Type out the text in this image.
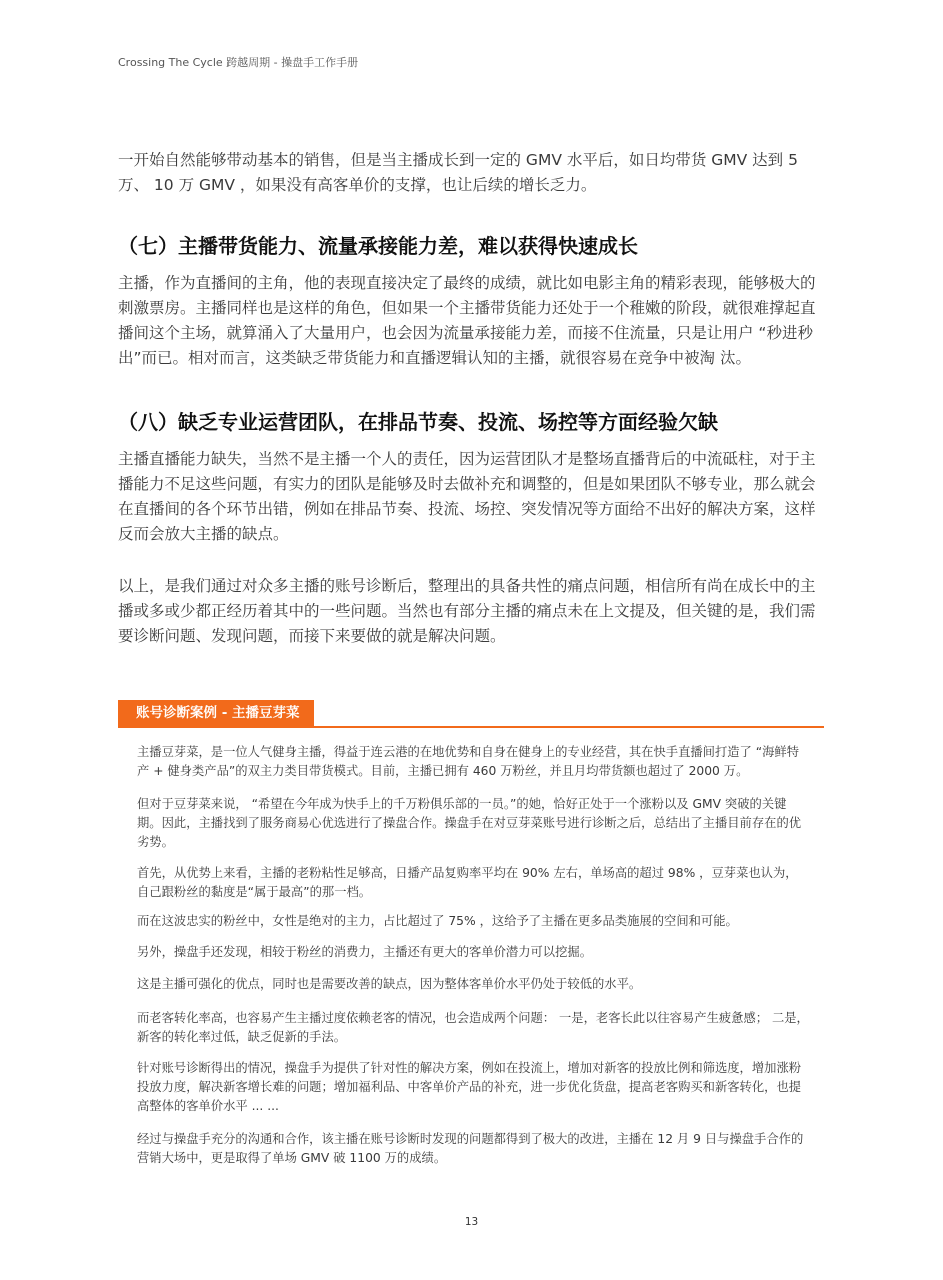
Crossing The Cycle 跨越周期 - 操盘手工作手册

一开始自然能够带动基本的销售，但是当主播成长到一定的 GMV 水平后，如日均带货 GMV 达到 5 万、 10 万 GMV ，如果没有高客单价的支撑，也让后续的增长乏力。

（七）主播带货能力、流量承接能力差，难以获得快速成长

主播，作为直播间的主角，他的表现直接决定了最终的成绩，就比如电影主角的精彩表现，能够极大的刺激票房。主播同样也是这样的角色，但如果一个主播带货能力还处于一个稚嫩的阶段，就很难撑起直播间这个主场，就算涌入了大量用户，也会因为流量承接能力差，而接不住流量，只是让用户 “秒进秒出”而已。相对而言，这类缺乏带货能力和直播逻辑认知的主播，就很容易在竞争中被淘 汰。

（八）缺乏专业运营团队，在排品节奏、投流、场控等方面经验欠缺

主播直播能力缺失，当然不是主播一个人的责任，因为运营团队才是整场直播背后的中流砥柱，对于主播能力不足这些问题，有实力的团队是能够及时去做补充和调整的，但是如果团队不够专业，那么就会在直播间的各个环节出错，例如在排品节奏、投流、场控、突发情况等方面给不出好的解决方案，这样反而会放大主播的缺点。

以上，是我们通过对众多主播的账号诊断后，整理出的具备共性的痛点问题，相信所有尚在成长中的主播或多或少都正经历着其中的一些问题。当然也有部分主播的痛点未在上文提及，但关键的是，我们需要诊断问题、发现问题，而接下来要做的就是解决问题。

账号诊断案例 - 主播豆芽菜

主播豆芽菜，是一位人气健身主播，得益于连云港的在地优势和自身在健身上的专业经营，其在快手直播间打造了 “海鲜特产 + 健身类产品”的双主力类目带货模式。目前，主播已拥有 460 万粉丝，并且月均带货额也超过了 2000 万。

但对于豆芽菜来说， “希望在今年成为快手上的千万粉俱乐部的一员。”的她，恰好正处于一个涨粉以及 GMV 突破的关键期。因此，主播找到了服务商易心优选进行了操盘合作。操盘手在对豆芽菜账号进行诊断之后，总结出了主播目前存在的优劣势。

首先，从优势上来看，主播的老粉粘性足够高，日播产品复购率平均在 90% 左右，单场高的超过 98% ，豆芽菜也认为，自己跟粉丝的黏度是“属于最高”的那一档。

而在这波忠实的粉丝中，女性是绝对的主力，占比超过了 75% ，这给予了主播在更多品类施展的空间和可能。

另外，操盘手还发现，相较于粉丝的消费力，主播还有更大的客单价潜力可以挖掘。

这是主播可强化的优点，同时也是需要改善的缺点，因为整体客单价水平仍处于较低的水平。

而老客转化率高，也容易产生主播过度依赖老客的情况，也会造成两个问题： 一是，老客长此以往容易产生疲惫感； 二是，新客的转化率过低，缺乏促新的手法。

针对账号诊断得出的情况，操盘手为提供了针对性的解决方案，例如在投流上，增加对新客的投放比例和筛选度，增加涨粉投放力度，解决新客增长难的问题；增加福利品、中客单价产品的补充，进一步优化货盘，提高老客购买和新客转化，也提高整体的客单价水平 ... ...

经过与操盘手充分的沟通和合作，该主播在账号诊断时发现的问题都得到了极大的改进，主播在 12 月 9 日与操盘手合作的营销大场中，更是取得了单场 GMV 破 1100 万的成绩。

13
